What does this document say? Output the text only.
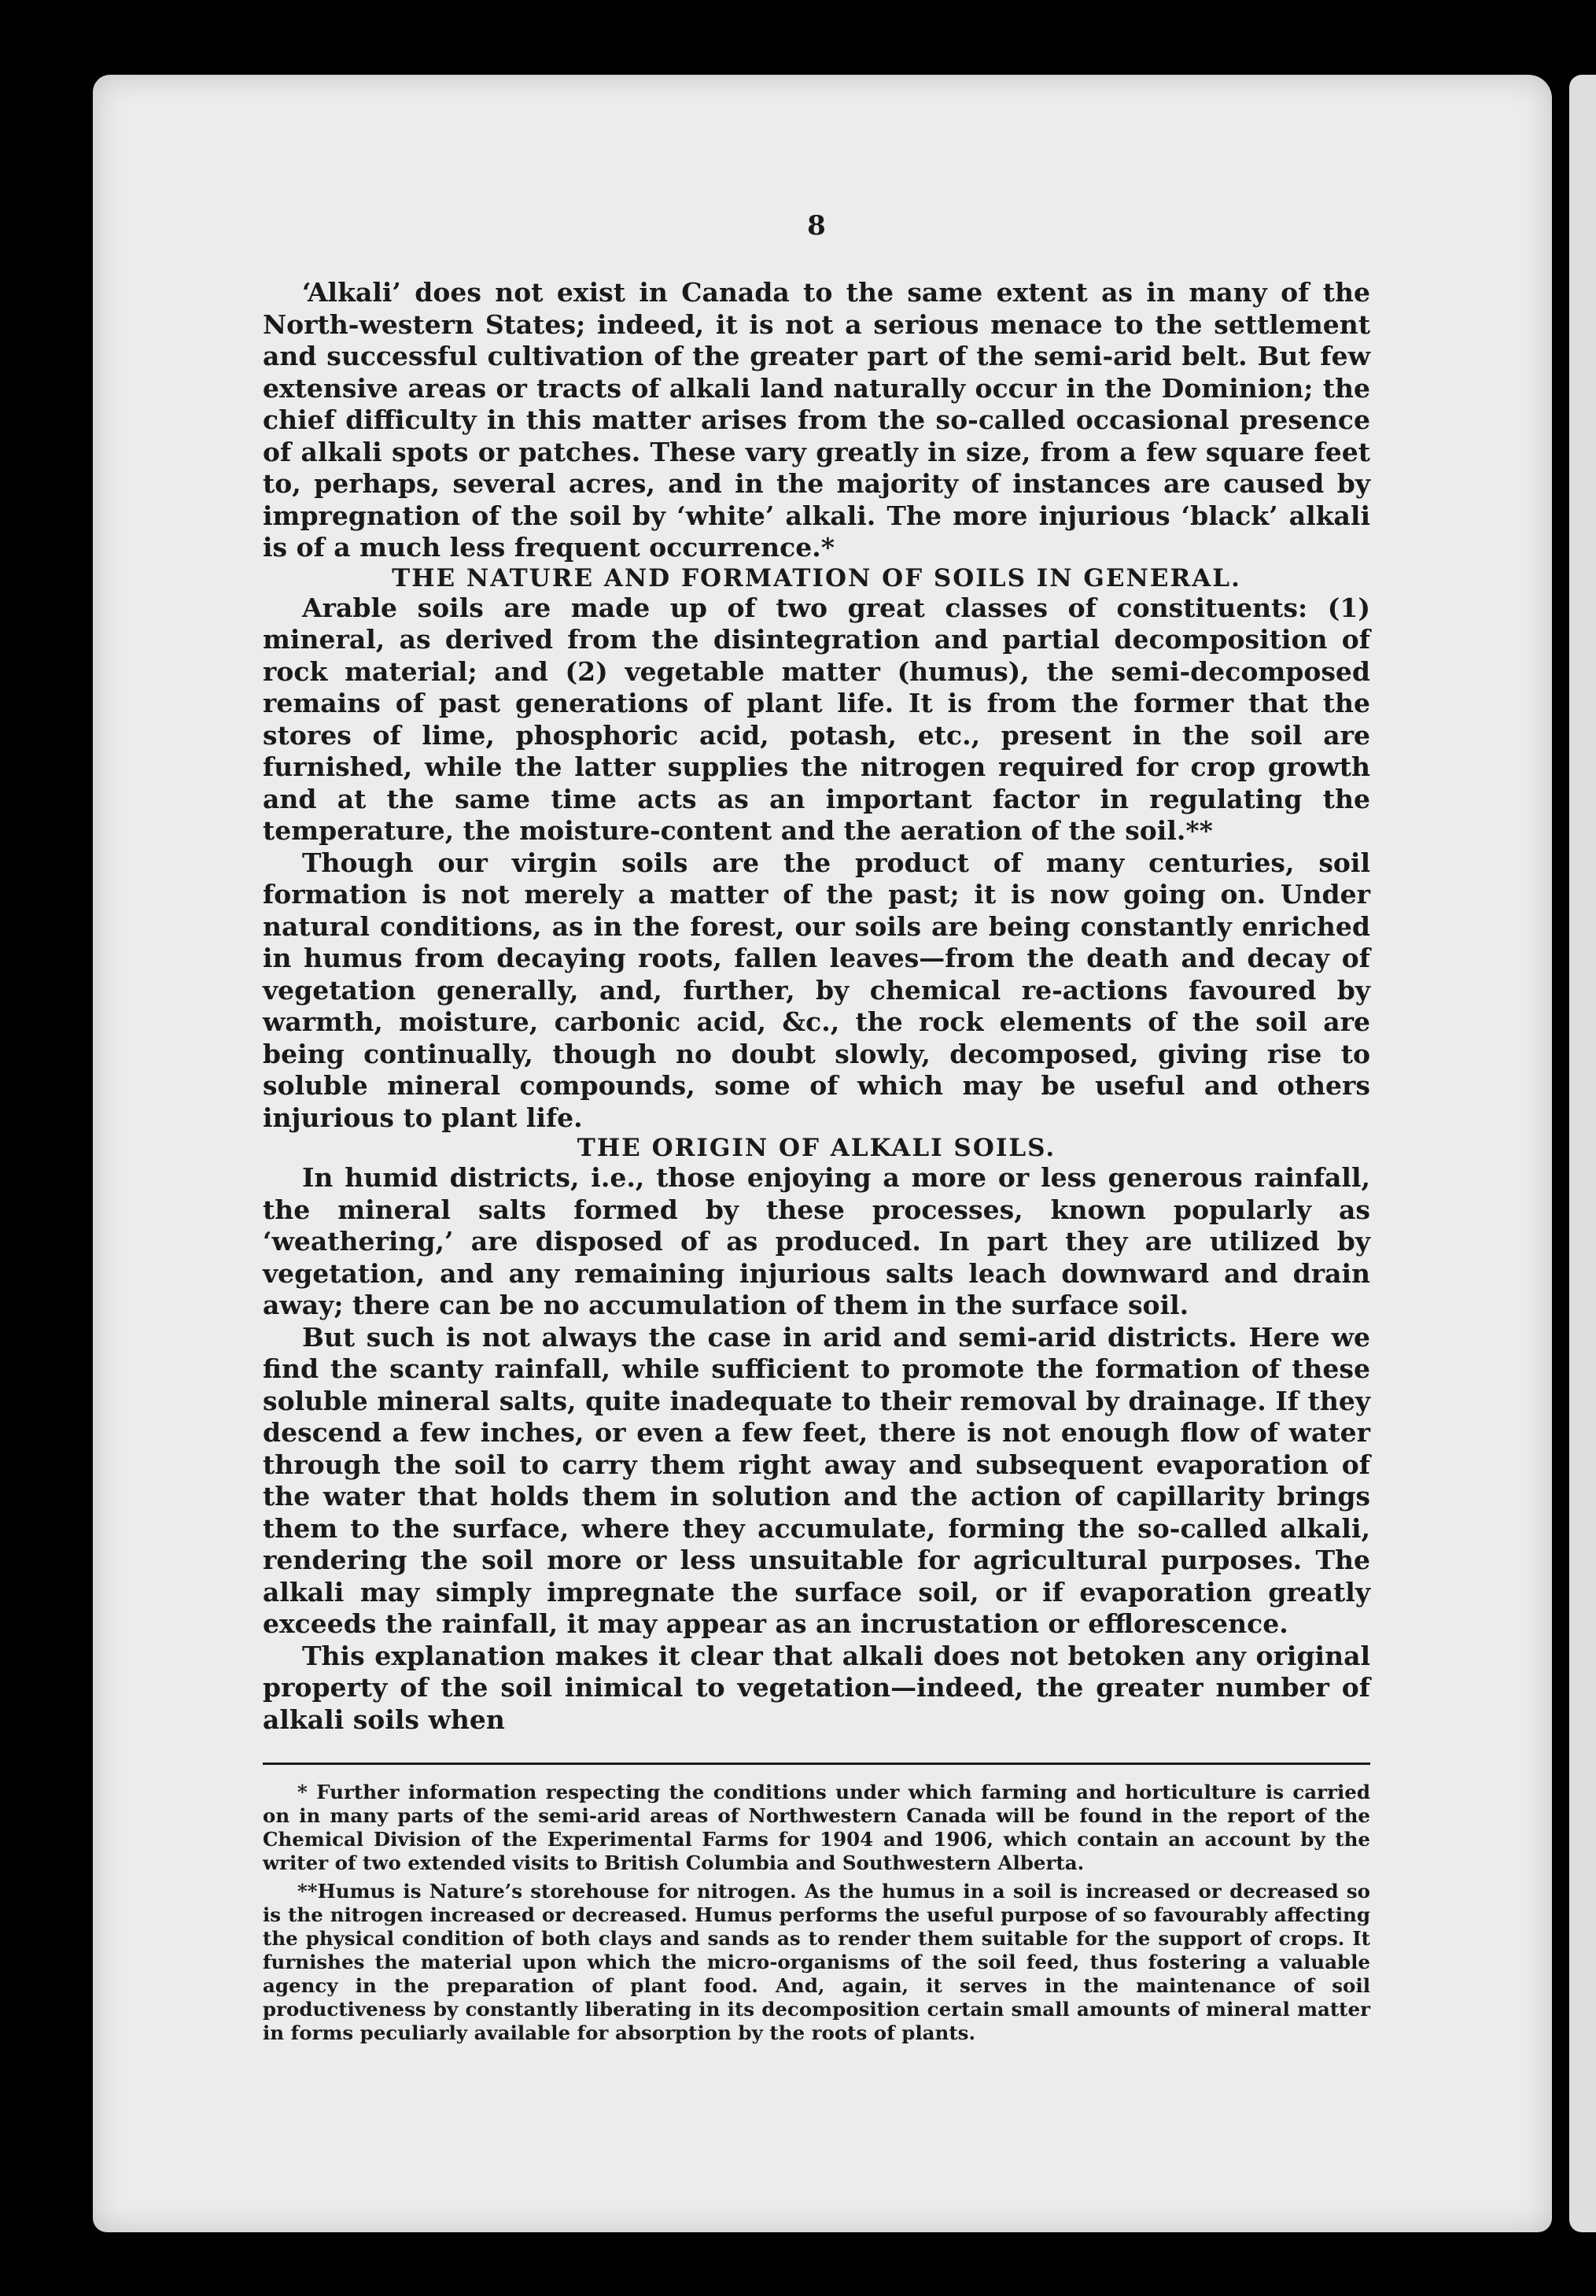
8

‘Alkali’ does not exist in Canada to the same extent as in many of the North-western States; indeed, it is not a serious menace to the settlement and successful cultivation of the greater part of the semi-arid belt. But few extensive areas or tracts of alkali land naturally occur in the Dominion; the chief difficulty in this matter arises from the so-called occasional presence of alkali spots or patches. These vary greatly in size, from a few square feet to, perhaps, several acres, and in the majority of instances are caused by impregnation of the soil by ‘white’ alkali. The more injurious ‘black’ alkali is of a much less frequent occurrence.*

THE NATURE AND FORMATION OF SOILS IN GENERAL.

Arable soils are made up of two great classes of constituents: (1) mineral, as derived from the disintegration and partial decomposition of rock material; and (2) vegetable matter (humus), the semi-decomposed remains of past generations of plant life. It is from the former that the stores of lime, phosphoric acid, potash, etc., present in the soil are furnished, while the latter supplies the nitrogen required for crop growth and at the same time acts as an important factor in regulating the temperature, the moisture-content and the aeration of the soil.**

Though our virgin soils are the product of many centuries, soil formation is not merely a matter of the past; it is now going on. Under natural conditions, as in the forest, our soils are being constantly enriched in humus from decaying roots, fallen leaves—from the death and decay of vegetation generally, and, further, by chemical re-actions favoured by warmth, moisture, carbonic acid, &c., the rock elements of the soil are being continually, though no doubt slowly, decomposed, giving rise to soluble mineral compounds, some of which may be useful and others injurious to plant life.

THE ORIGIN OF ALKALI SOILS.

In humid districts, i.e., those enjoying a more or less generous rainfall, the mineral salts formed by these processes, known popularly as ‘weathering,’ are disposed of as produced. In part they are utilized by vegetation, and any remaining injurious salts leach downward and drain away; there can be no accumulation of them in the surface soil.

But such is not always the case in arid and semi-arid districts. Here we find the scanty rainfall, while sufficient to promote the formation of these soluble mineral salts, quite inadequate to their removal by drainage. If they descend a few inches, or even a few feet, there is not enough flow of water through the soil to carry them right away and subsequent evaporation of the water that holds them in solution and the action of capillarity brings them to the surface, where they accumulate, forming the so-called alkali, rendering the soil more or less unsuitable for agricultural purposes. The alkali may simply impregnate the surface soil, or if evaporation greatly exceeds the rainfall, it may appear as an incrustation or efflorescence.

This explanation makes it clear that alkali does not betoken any original property of the soil inimical to vegetation—indeed, the greater number of alkali soils when

* Further information respecting the conditions under which farming and horticulture is carried on in many parts of the semi-arid areas of Northwestern Canada will be found in the report of the Chemical Division of the Experimental Farms for 1904 and 1906, which contain an account by the writer of two extended visits to British Columbia and Southwestern Alberta.

**Humus is Nature’s storehouse for nitrogen. As the humus in a soil is increased or decreased so is the nitrogen increased or decreased. Humus performs the useful purpose of so favourably affecting the physical condition of both clays and sands as to render them suitable for the support of crops. It furnishes the material upon which the micro-organisms of the soil feed, thus fostering a valuable agency in the preparation of plant food. And, again, it serves in the maintenance of soil productiveness by constantly liberating in its decomposition certain small amounts of mineral matter in forms peculiarly available for absorption by the roots of plants.
